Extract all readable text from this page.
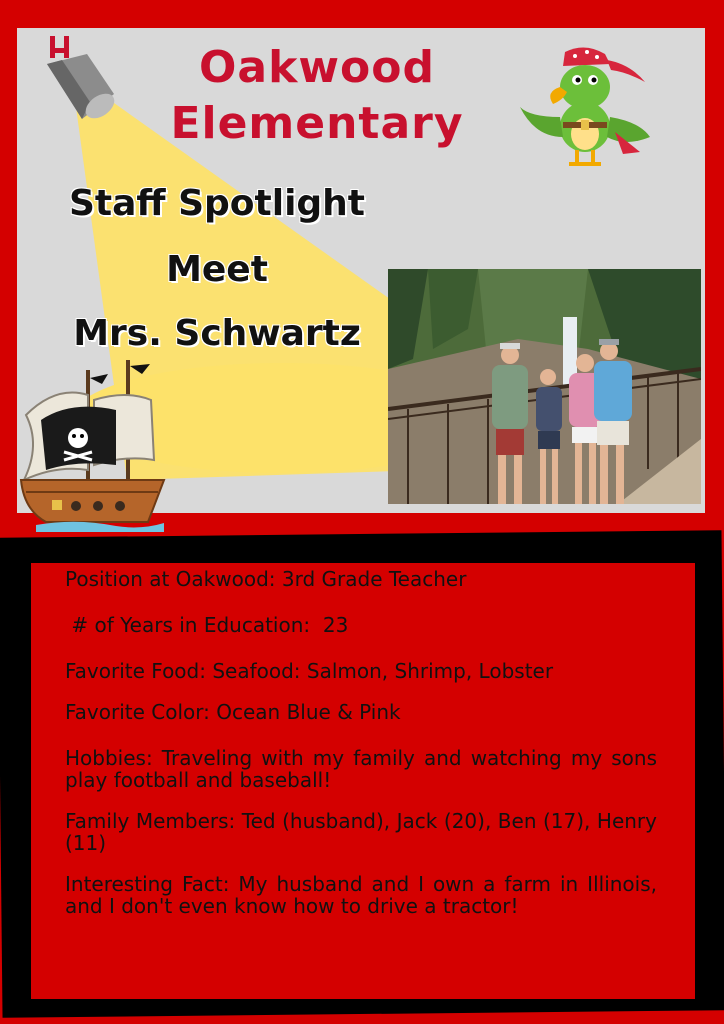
Oakwood
Elementary
Staff Spotlight
Meet
Mrs. Schwartz

Position at Oakwood: 3rd Grade Teacher

# of Years in Education:  23

Favorite Food: Seafood: Salmon, Shrimp, Lobster

Favorite Color: Ocean Blue & Pink

Hobbies: Traveling with my family and watching my sons play football and baseball!

Family Members: Ted (husband), Jack (20), Ben (17), Henry (11)

Interesting Fact: My husband and I own a farm in Illinois, and I don't even know how to drive a tractor!
